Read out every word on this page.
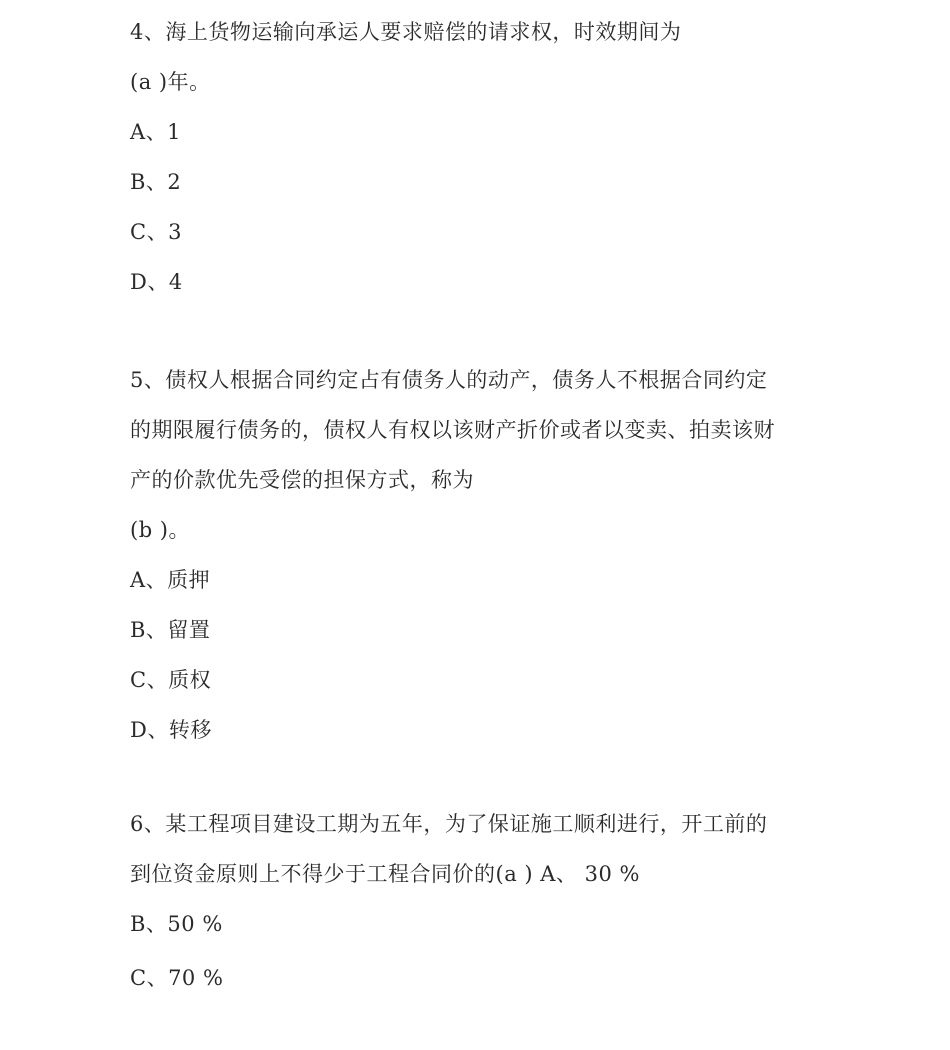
4、海上货物运输向承运人要求赔偿的请求权，时效期间为
(a )年。
A、1
B、2
C、3
D、4
5、债权人根据合同约定占有债务人的动产，债务人不根据合同约定
的期限履行债务的，债权人有权以该财产折价或者以变卖、拍卖该财
产的价款优先受偿的担保方式，称为
(b )。
A、质押
B、留置
C、质权
D、转移
6、某工程项目建设工期为五年，为了保证施工顺利进行，开工前的
到位资金原则上不得少于工程合同价的(a ) A、 30 %
B、50 %
C、70 %
